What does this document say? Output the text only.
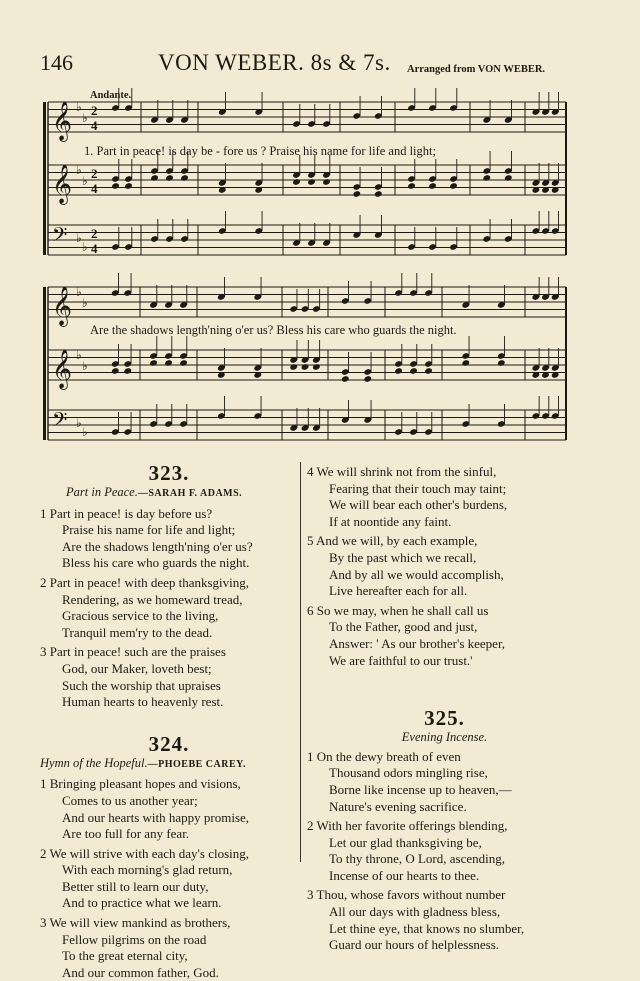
146	VON WEBER. 8s & 7s. Arranged from VON WEBER.
Andante.
𝄞 ♭
♭ 2
4
𝄞 ♭
♭ 2
4
𝄢 ♭
♭
2
4
𝄞 ♭
♭
𝄞 ♭
♭
𝄢 ♭
♭
1. Part in peace! is day be - fore us ? Praise his name for life and light;
Are the shadows length'ning o'er us? Bless his care who guards the night.
323.
Part in Peace.—SARAH F. ADAMS.
1 Part in peace! is day before us?
Praise his name for life and light;
Are the shadows length'ning o'er us?
Bless his care who guards the night.
2 Part in peace! with deep thanksgiving,
Rendering, as we homeward tread,
Gracious service to the living,
Tranquil mem'ry to the dead.
3 Part in peace! such are the praises
God, our Maker, loveth best;
Such the worship that upraises
Human hearts to heavenly rest.
324.
Hymn of the Hopeful.—PHOEBE CAREY.
1 Bringing pleasant hopes and visions,
Comes to us another year;
And our hearts with happy promise,
Are too full for any fear.
2 We will strive with each day's closing,
With each morning's glad return,
Better still to learn our duty,
And to practice what we learn.
3 We will view mankind as brothers,
Fellow pilgrims on the road
To the great eternal city,
And our common father, God.
4 We will shrink not from the sinful,
Fearing that their touch may taint;
We will bear each other's burdens,
If at noontide any faint.
5 And we will, by each example,
By the past which we recall,
And by all we would accomplish,
Live hereafter each for all.
6 So we may, when he shall call us
To the Father, good and just,
Answer: ' As our brother's keeper,
We are faithful to our trust.'
325.
Evening Incense.
1 On the dewy breath of even
Thousand odors mingling rise,
Borne like incense up to heaven,—
Nature's evening sacrifice.
2 With her favorite offerings blending,
Let our glad thanksgiving be,
To thy throne, O Lord, ascending,
Incense of our hearts to thee.
3 Thou, whose favors without number
All our days with gladness bless,
Let thine eye, that knows no slumber,
Guard our hours of helplessness.
